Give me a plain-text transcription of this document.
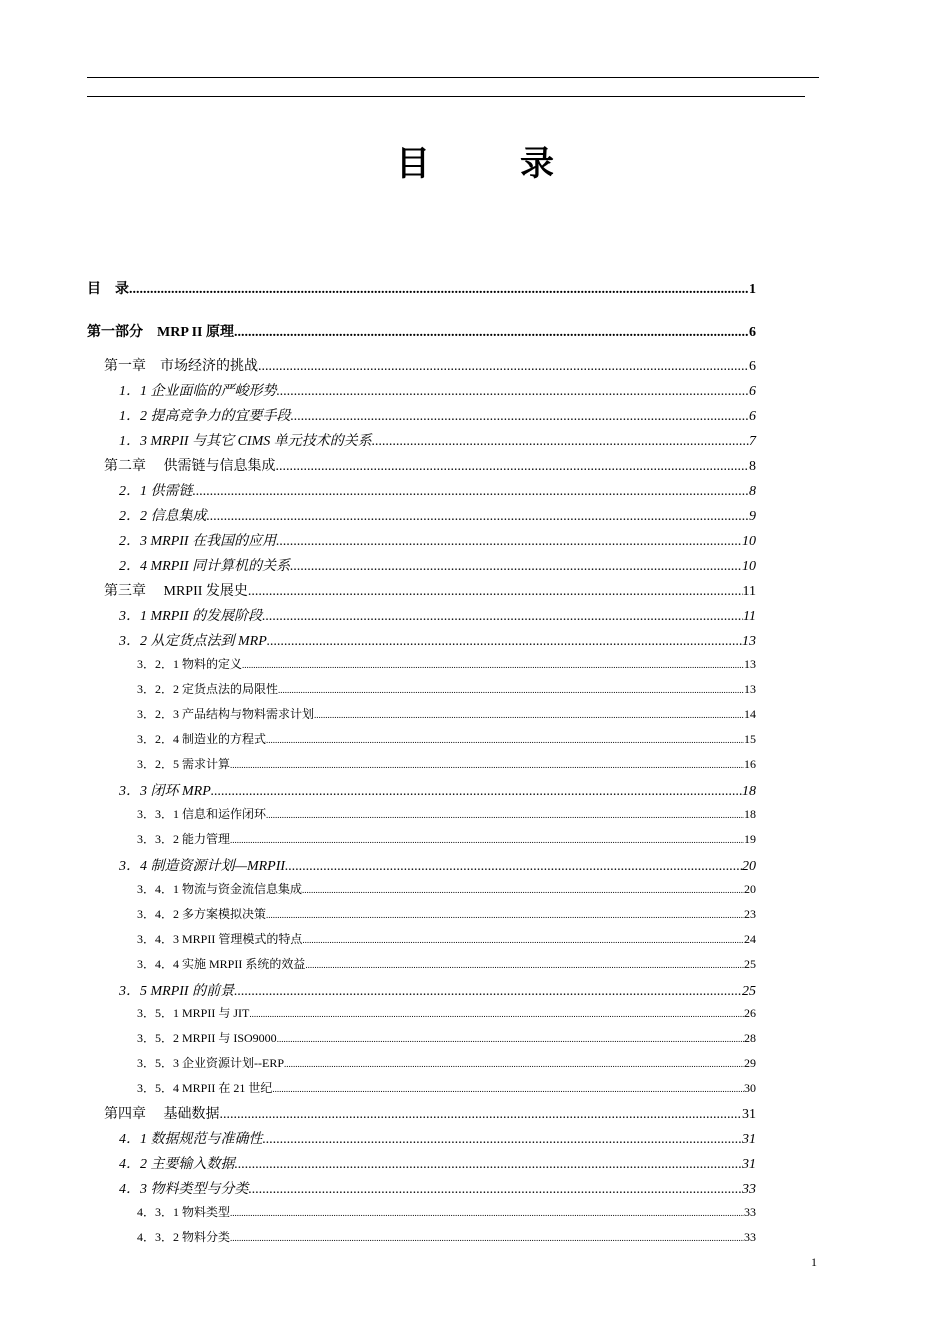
目　录
目　录 .....	1
第一部分　MRP II 原理 .....	6
第一章　市场经济的挑战 .....	6
1．1 企业面临的严峻形势 .....	6
1．2 提高竞争力的宜要手段 .....	6
1．3 MRPII 与其它 CIMS 单元技术的关系 .....	7
第二章　 供需链与信息集成 .....	8
2．1 供需链 .....	8
2．2 信息集成 .....	9
2．3 MRPII 在我国的应用 .....	10
2．4 MRPII 同计算机的关系 .....	10
第三章　 MRPII 发展史 .....	11
3．1 MRPII 的发展阶段 .....	11
3．2 从定货点法到 MRP .....	13
3．2．1 物料的定义 .....	13
3．2．2 定货点法的局限性 .....	13
3．2．3 产品结构与物料需求计划 .....	14
3．2．4 制造业的方程式 .....	15
3．2．5 需求计算 .....	16
3．3 闭环 MRP .....	18
3．3．1 信息和运作闭环 .....	18
3．3．2 能力管理 .....	19
3．4 制造资源计划—MRPII .....	20
3．4．1 物流与资金流信息集成 .....	20
3．4．2 多方案模拟决策 .....	23
3．4．3 MRPII 管理模式的特点 .....	24
3．4．4 实施 MRPII 系统的效益 .....	25
3．5 MRPII 的前景 .....	25
3．5．1 MRPII 与 JIT .....	26
3．5．2 MRPII 与 ISO9000 .....	28
3．5．3 企业资源计划--ERP .....	29
3．5．4 MRPII 在 21 世纪 .....	30
第四章　 基础数据 .....	31
4．1 数据规范与准确性 .....	31
4．2 主要输入数据 .....	31
4．3 物料类型与分类 .....	33
4．3．1 物料类型 .....	33
4．3．2 物料分类 .....	33
1
